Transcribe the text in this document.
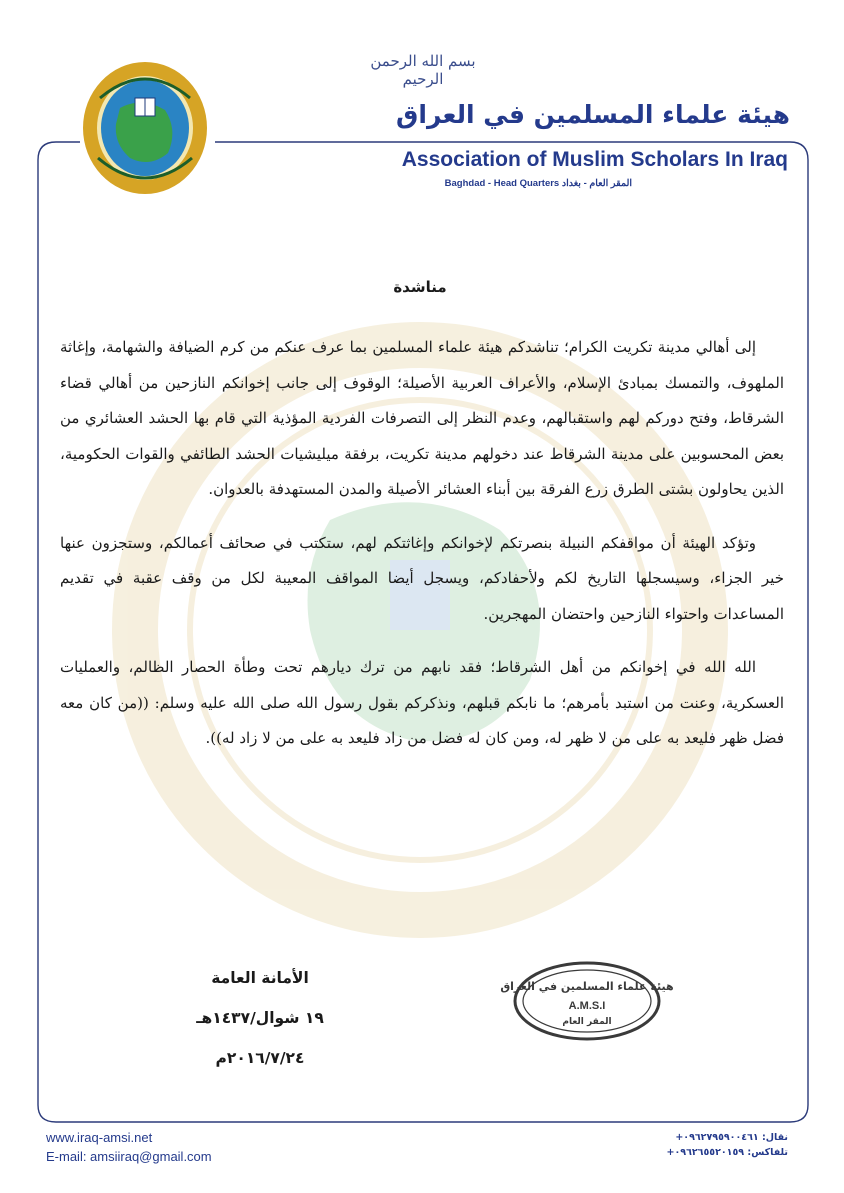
بسم الله الرحمن الرحيم
هيئة علماء المسلمين في العراق
Association of Muslim Scholars In Iraq
Baghdad - Head Quarters المقر العام - بغداد
مناشدة

إلى أهالي مدينة تكريت الكرام؛ تناشدكم هيئة علماء المسلمين بما عرف عنكم من كرم الضيافة والشهامة، وإغاثة الملهوف، والتمسك بمبادئ الإسلام، والأعراف العربية الأصيلة؛ الوقوف إلى جانب إخوانكم النازحين من أهالي قضاء الشرقاط، وفتح دوركم لهم واستقبالهم، وعدم النظر إلى التصرفات الفردية المؤذية التي قام بها الحشد العشائري من بعض المحسوبين على مدينة الشرقاط عند دخولهم مدينة تكريت، برفقة ميليشيات الحشد الطائفي والقوات الحكومية، الذين يحاولون بشتى الطرق زرع الفرقة بين أبناء العشائر الأصيلة والمدن المستهدفة بالعدوان.

وتؤكد الهيئة أن مواقفكم النبيلة بنصرتكم لإخوانكم وإغاثتكم لهم، ستكتب في صحائف أعمالكم، وستجزون عنها خير الجزاء، وسيسجلها التاريخ لكم ولأحفادكم، ويسجل أيضا المواقف المعيبة لكل من وقف عقبة في تقديم المساعدات واحتواء النازحين واحتضان المهجرين.

الله الله في إخوانكم من أهل الشرقاط؛ فقد نابهم من ترك ديارهم تحت وطأة الحصار الظالم، والعمليات العسكرية، وعنت من استبد بأمرهم؛ ما نابكم قبلهم، ونذكركم بقول رسول الله صلى الله عليه وسلم: ((من كان معه فضل ظهر فليعد به على من لا ظهر له، ومن كان له فضل من زاد فليعد به على من لا زاد له)).

الأمانة العامة
١٩ شوال/١٤٣٧هـ
٢٠١٦/٧/٢٤م
هيئة علماء المسلمين في العراق
A.M.S.I
المقر العام
www.iraq-amsi.net
E-mail: amsiiraq@gmail.com
نقال: ٠٩٦٢٧٩٥٩٠٠٤٦١+
تلفاكس: ٠٩٦٢٦٥٥٢٠١٥٩+
